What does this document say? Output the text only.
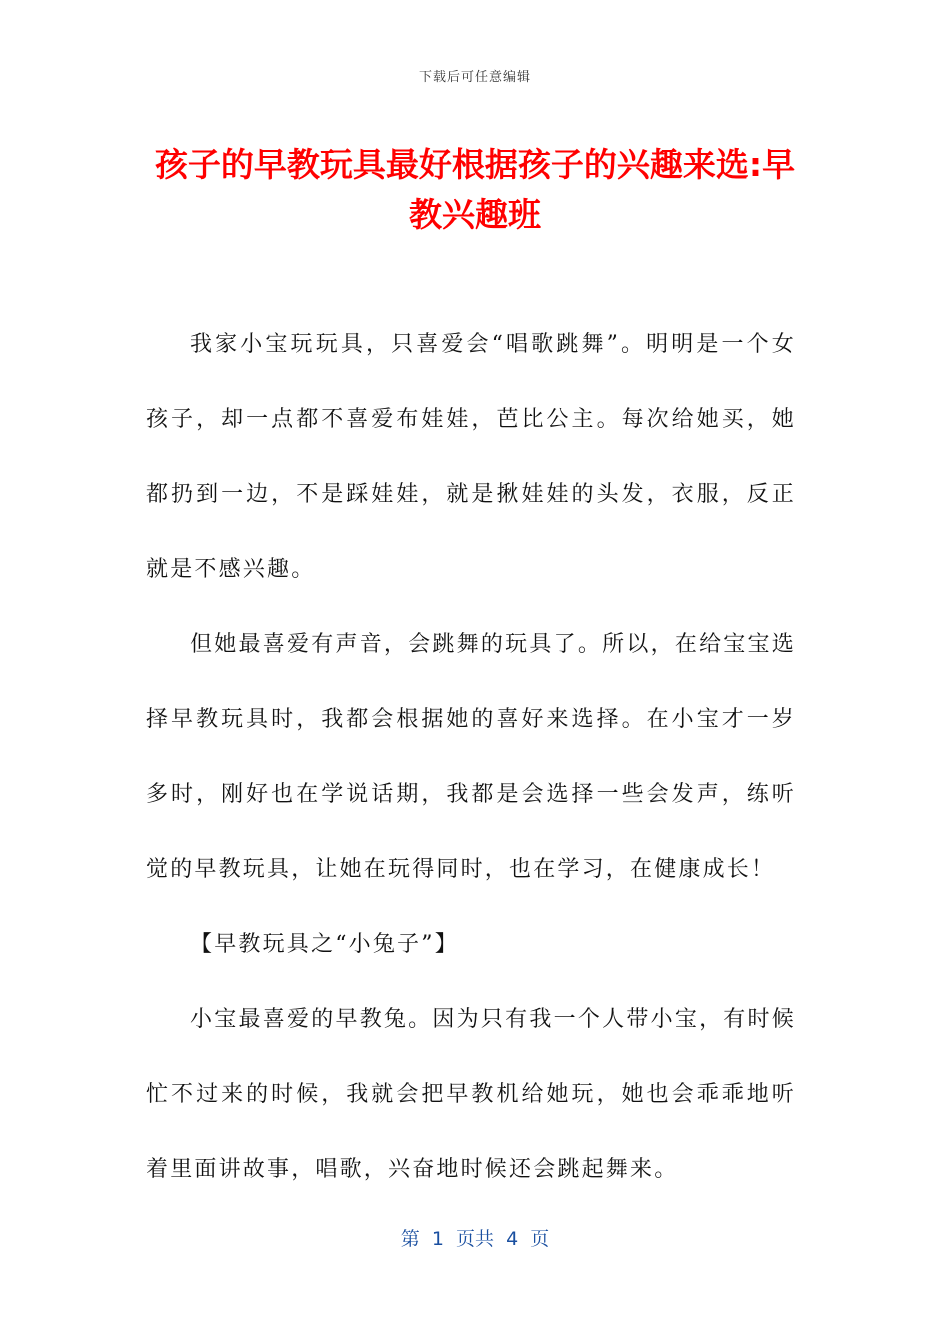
下载后可任意编辑
孩子的早教玩具最好根据孩子的兴趣来选:早教兴趣班

我家小宝玩玩具，只喜爱会“唱歌跳舞”。明明是一个女孩子，却一点都不喜爱布娃娃，芭比公主。每次给她买，她都扔到一边，不是踩娃娃，就是揪娃娃的头发，衣服，反正就是不感兴趣。

但她最喜爱有声音，会跳舞的玩具了。所以，在给宝宝选择早教玩具时，我都会根据她的喜好来选择。在小宝才一岁多时，刚好也在学说话期，我都是会选择一些会发声，练听觉的早教玩具，让她在玩得同时，也在学习，在健康成长！

【早教玩具之“小兔子”】

小宝最喜爱的早教兔。因为只有我一个人带小宝，有时候忙不过来的时候，我就会把早教机给她玩，她也会乖乖地听着里面讲故事，唱歌，兴奋地时候还会跳起舞来。

第  1  页共  4  页
